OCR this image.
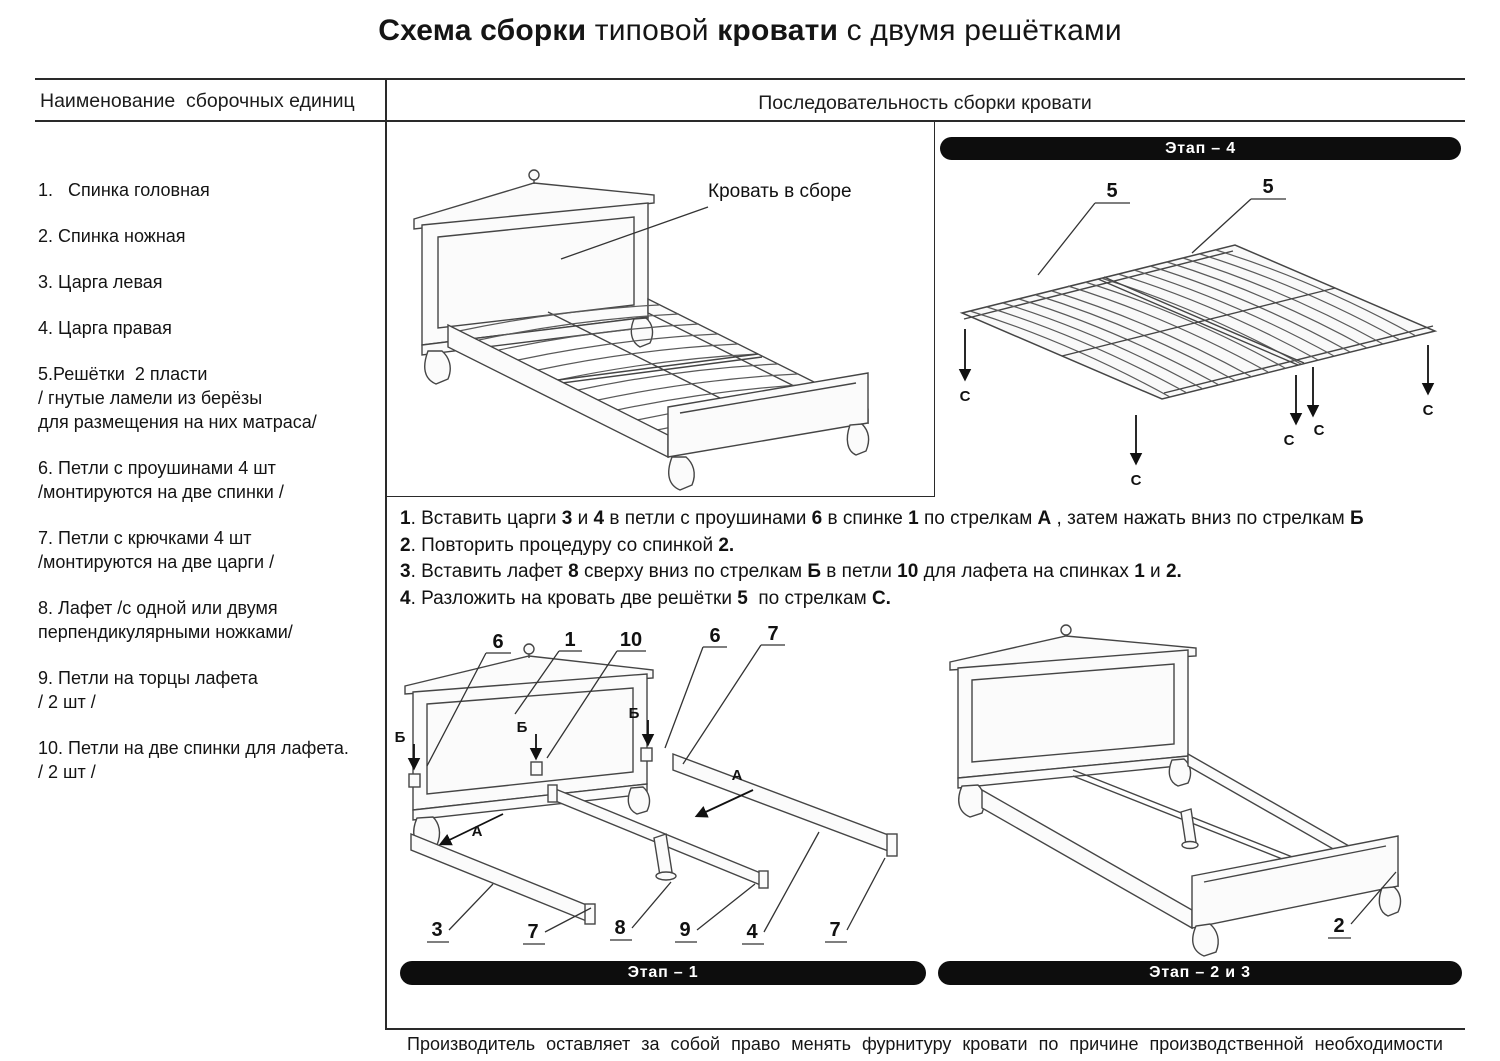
Схема сборки типовой кровати с двумя решётками
Наименование  сборочных единиц	Последовательность сборки кровати
1.   Спинка головная
2. Спинка ножная
3. Царга левая
4. Царга правая
5.Решётки  2 пласти
/ гнутые ламели из берёзы
для размещения на них матраса/
6. Петли с проушинами 4 шт
/монтируются на две спинки /
7. Петли с крючками 4 шт
/монтируются на две царги /
8. Лафет /с одной или двумя
перпендикулярными ножками/
9. Петли на торцы лафета
/ 2 шт /
10. Петли на две спинки для лафета.
/ 2 шт /
Кровать в сборе
Этап – 4
5	5
С
С
С
С
С
1. Вставить царги 3 и 4 в петли с проушинами 6 в спинке 1 по стрелкам А , затем нажать вниз по стрелкам Б
2. Повторить процедуру со спинкой 2.
3. Вставить лафет 8 сверху вниз по стрелкам Б в петли 10 для лафета на спинках 1 и 2.
4. Разложить на кровать две решётки 5  по стрелкам С.
Б
Б
Б
А
А
6	1 10	6 7
3	7	8	9	4	7
Этап – 1
2
Этап – 2 и 3
Производитель оставляет за собой право менять фурнитуру кровати по причине производственной необходимости
